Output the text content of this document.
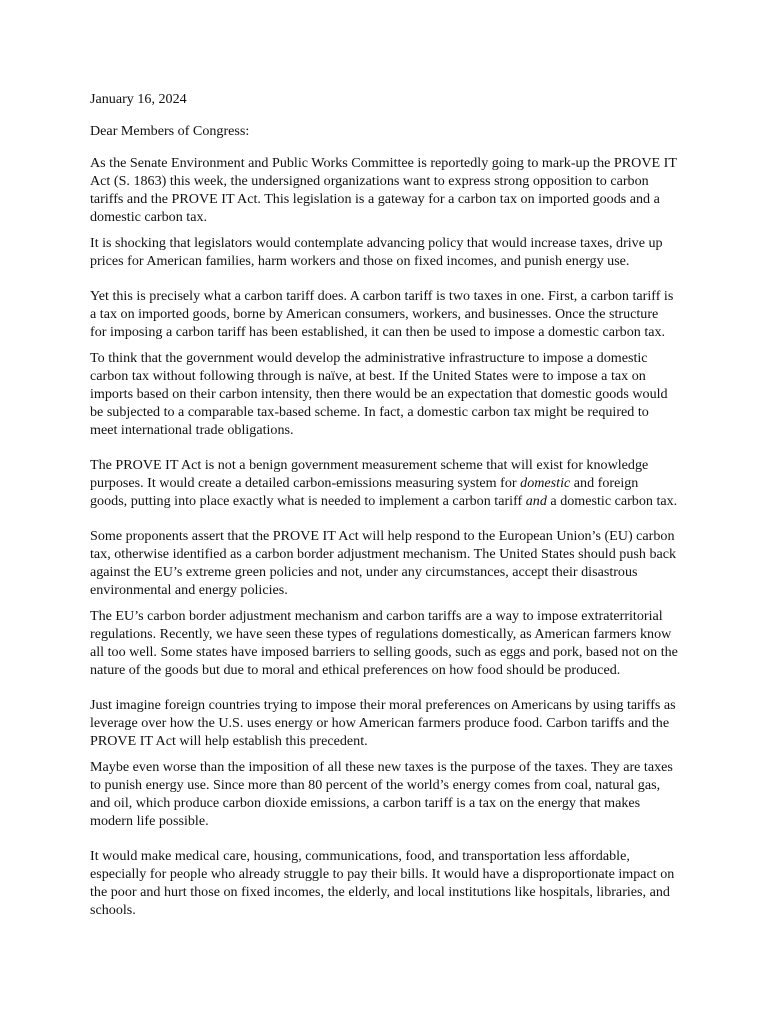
January 16, 2024

Dear Members of Congress:

As the Senate Environment and Public Works Committee is reportedly going to mark-up the PROVE IT Act (S. 1863) this week, the undersigned organizations want to express strong opposition to carbon tariffs and the PROVE IT Act. This legislation is a gateway for a carbon tax on imported goods and a domestic carbon tax.

It is shocking that legislators would contemplate advancing policy that would increase taxes, drive up prices for American families, harm workers and those on fixed incomes, and punish energy use.

Yet this is precisely what a carbon tariff does. A carbon tariff is two taxes in one. First, a carbon tariff is a tax on imported goods, borne by American consumers, workers, and businesses. Once the structure for imposing a carbon tariff has been established, it can then be used to impose a domestic carbon tax.

To think that the government would develop the administrative infrastructure to impose a domestic carbon tax without following through is naïve, at best. If the United States were to impose a tax on imports based on their carbon intensity, then there would be an expectation that domestic goods would be subjected to a comparable tax-based scheme. In fact, a domestic carbon tax might be required to meet international trade obligations.

The PROVE IT Act is not a benign government measurement scheme that will exist for knowledge purposes. It would create a detailed carbon-emissions measuring system for domestic and foreign goods, putting into place exactly what is needed to implement a carbon tariff and a domestic carbon tax.

Some proponents assert that the PROVE IT Act will help respond to the European Union’s (EU) carbon tax, otherwise identified as a carbon border adjustment mechanism. The United States should push back against the EU’s extreme green policies and not, under any circumstances, accept their disastrous environmental and energy policies.

The EU’s carbon border adjustment mechanism and carbon tariffs are a way to impose extraterritorial regulations. Recently, we have seen these types of regulations domestically, as American farmers know all too well. Some states have imposed barriers to selling goods, such as eggs and pork, based not on the nature of the goods but due to moral and ethical preferences on how food should be produced.

Just imagine foreign countries trying to impose their moral preferences on Americans by using tariffs as leverage over how the U.S. uses energy or how American farmers produce food. Carbon tariffs and the PROVE IT Act will help establish this precedent.

Maybe even worse than the imposition of all these new taxes is the purpose of the taxes. They are taxes to punish energy use. Since more than 80 percent of the world’s energy comes from coal, natural gas, and oil, which produce carbon dioxide emissions, a carbon tariff is a tax on the energy that makes modern life possible.

It would make medical care, housing, communications, food, and transportation less affordable, especially for people who already struggle to pay their bills. It would have a disproportionate impact on the poor and hurt those on fixed incomes, the elderly, and local institutions like hospitals, libraries, and schools.
